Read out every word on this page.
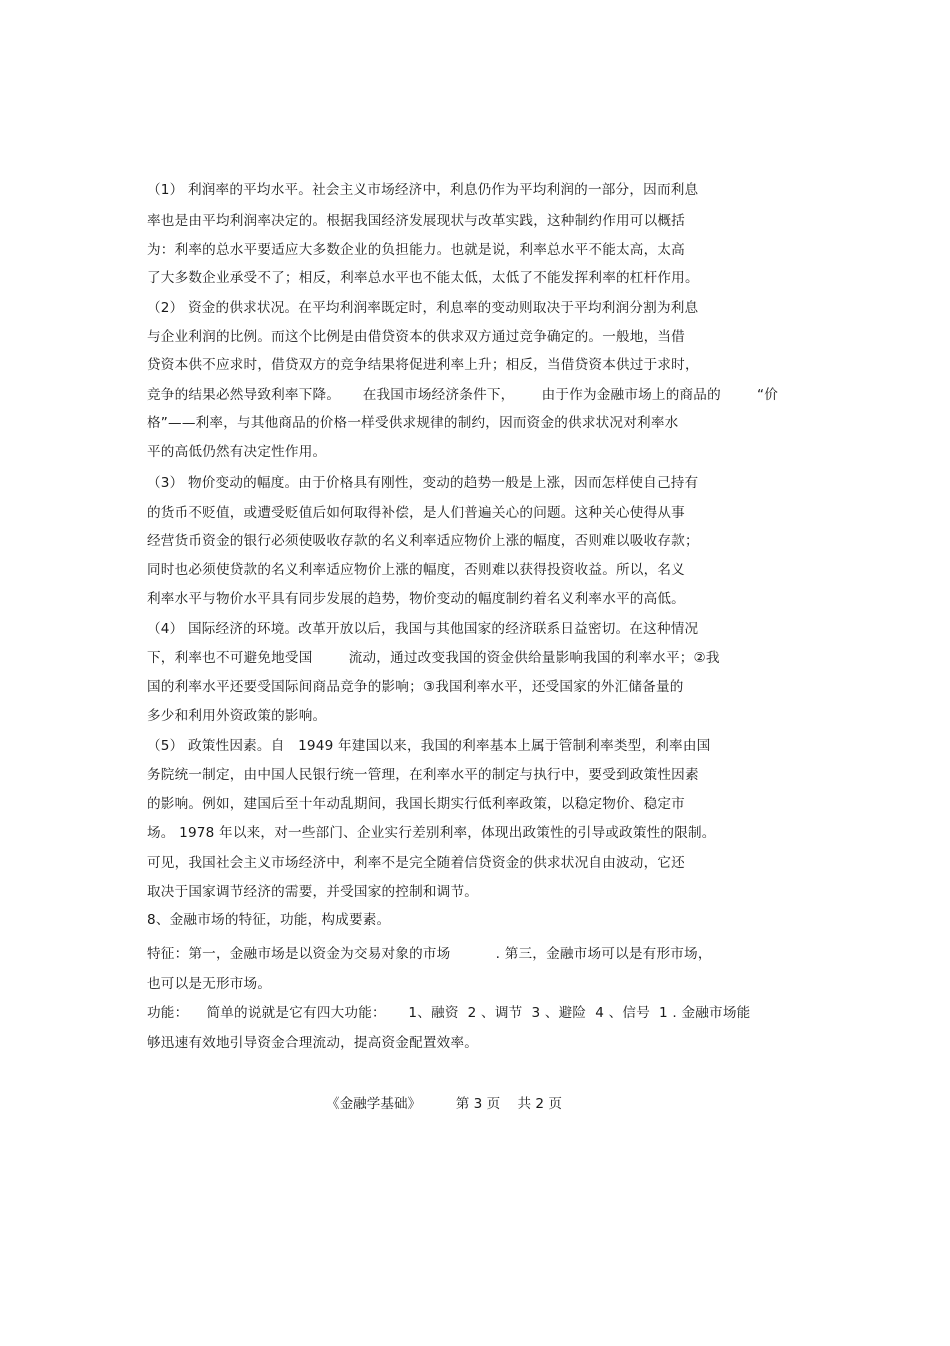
（1） 利润率的平均水平。社会主义市场经济中，利息仍作为平均利润的一部分，因而利息
率也是由平均利润率决定的。根据我国经济发展现状与改革实践，这种制约作用可以概括
为：利率的总水平要适应大多数企业的负担能力。也就是说，利率总水平不能太高，太高
了大多数企业承受不了；相反，利率总水平也不能太低，太低了不能发挥利率的杠杆作用。
（2） 资金的供求状况。在平均利润率既定时，利息率的变动则取决于平均利润分割为利息
与企业利润的比例。而这个比例是由借贷资本的供求双方通过竞争确定的。一般地，当借
贷资本供不应求时，借贷双方的竞争结果将促进利率上升；相反，当借贷资本供过于求时，
竞争的结果必然导致利率下降。     在我国市场经济条件下，      由于作为金融市场上的商品的        “价
格”——利率，与其他商品的价格一样受供求规律的制约，因而资金的供求状况对利率水
平的高低仍然有决定性作用。
（3） 物价变动的幅度。由于价格具有刚性，变动的趋势一般是上涨，因而怎样使自己持有
的货币不贬值，或遭受贬值后如何取得补偿，是人们普遍关心的问题。这种关心使得从事
经营货币资金的银行必须使吸收存款的名义利率适应物价上涨的幅度，否则难以吸收存款；
同时也必须使贷款的名义利率适应物价上涨的幅度，否则难以获得投资收益。所以，名义
利率水平与物价水平具有同步发展的趋势，物价变动的幅度制约着名义利率水平的高低。
（4） 国际经济的环境。改革开放以后，我国与其他国家的经济联系日益密切。在这种情况
下，利率也不可避免地受国        流动，通过改变我国的资金供给量影响我国的利率水平；②我
国的利率水平还要受国际间商品竞争的影响；③我国利率水平，还受国家的外汇储备量的
多少和利用外资政策的影响。
（5） 政策性因素。自   1949 年建国以来，我国的利率基本上属于管制利率类型，利率由国
务院统一制定，由中国人民银行统一管理，在利率水平的制定与执行中，要受到政策性因素
的影响。例如，建国后至十年动乱期间，我国长期实行低利率政策，以稳定物价、稳定市
场。 1978 年以来，对一些部门、企业实行差别利率，体现出政策性的引导或政策性的限制。
可见，我国社会主义市场经济中，利率不是完全随着信贷资金的供求状况自由波动，它还
取决于国家调节经济的需要，并受国家的控制和调节。
8、金融市场的特征，功能，构成要素。
特征：第一，金融市场是以资金为交易对象的市场          . 第三，金融市场可以是有形市场，
也可以是无形市场。
功能：    简单的说就是它有四大功能：     1、融资  2 、调节  3 、避险  4 、信号  1 . 金融市场能
够迅速有效地引导资金合理流动，提高资金配置效率。
《金融学基础》        第 3 页    共 2 页
